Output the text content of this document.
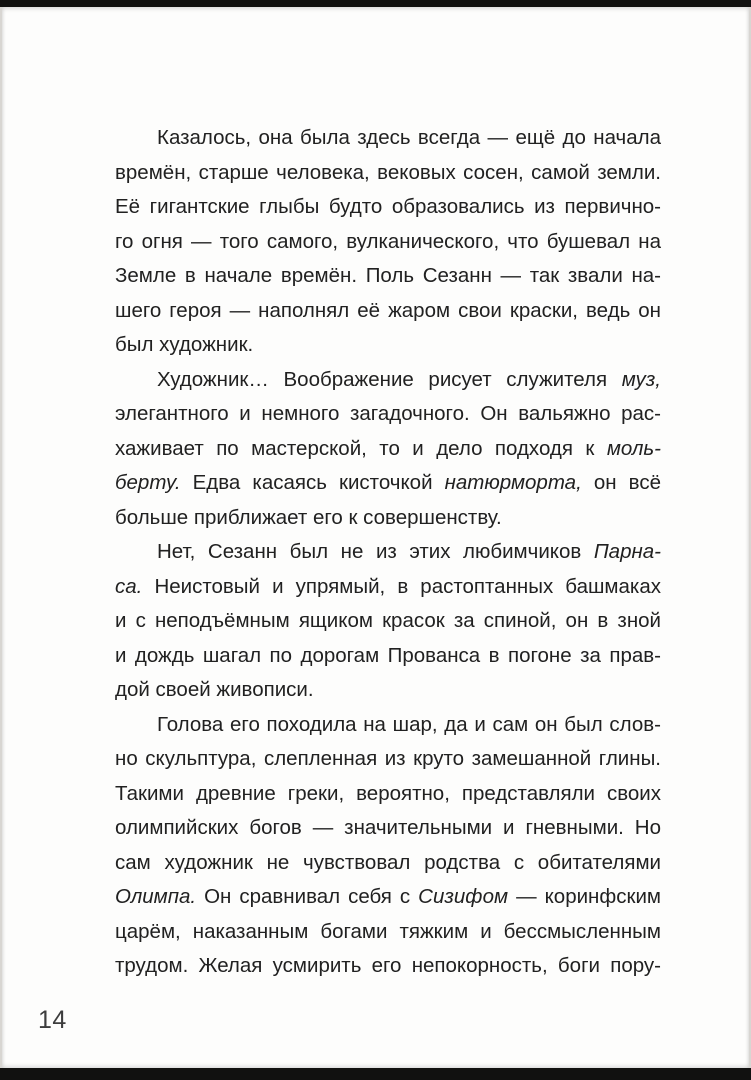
Казалось, она была здесь всегда — ещё до начала
времён, старше человека, вековых сосен, самой земли.
Её гигантские глыбы будто образовались из первично-
го огня — того самого, вулканического, что бушевал на
Земле в начале времён. Поль Сезанн — так звали на-
шего героя — наполнял её жаром свои краски, ведь он
был художник.
Художник… Воображение рисует служителя муз,
элегантного и немного загадочного. Он вальяжно рас-
хаживает по мастерской, то и дело подходя к моль-
берту. Едва касаясь кисточкой натюрморта, он всё
больше приближает его к совершенству.
Нет, Сезанн был не из этих любимчиков Парна-
са. Неистовый и упрямый, в растоптанных башмаках
и с неподъёмным ящиком красок за спиной, он в зной
и дождь шагал по дорогам Прованса в погоне за прав-
дой своей живописи.
Голова его походила на шар, да и сам он был слов-
но скульптура, слепленная из круто замешанной глины.
Такими древние греки, вероятно, представляли своих
олимпийских богов — значительными и гневными. Но
сам художник не чувствовал родства с обитателями
Олимпа. Он сравнивал себя с Сизифом — коринфским
царём, наказанным богами тяжким и бессмысленным
трудом. Желая усмирить его непокорность, боги пору-
14
